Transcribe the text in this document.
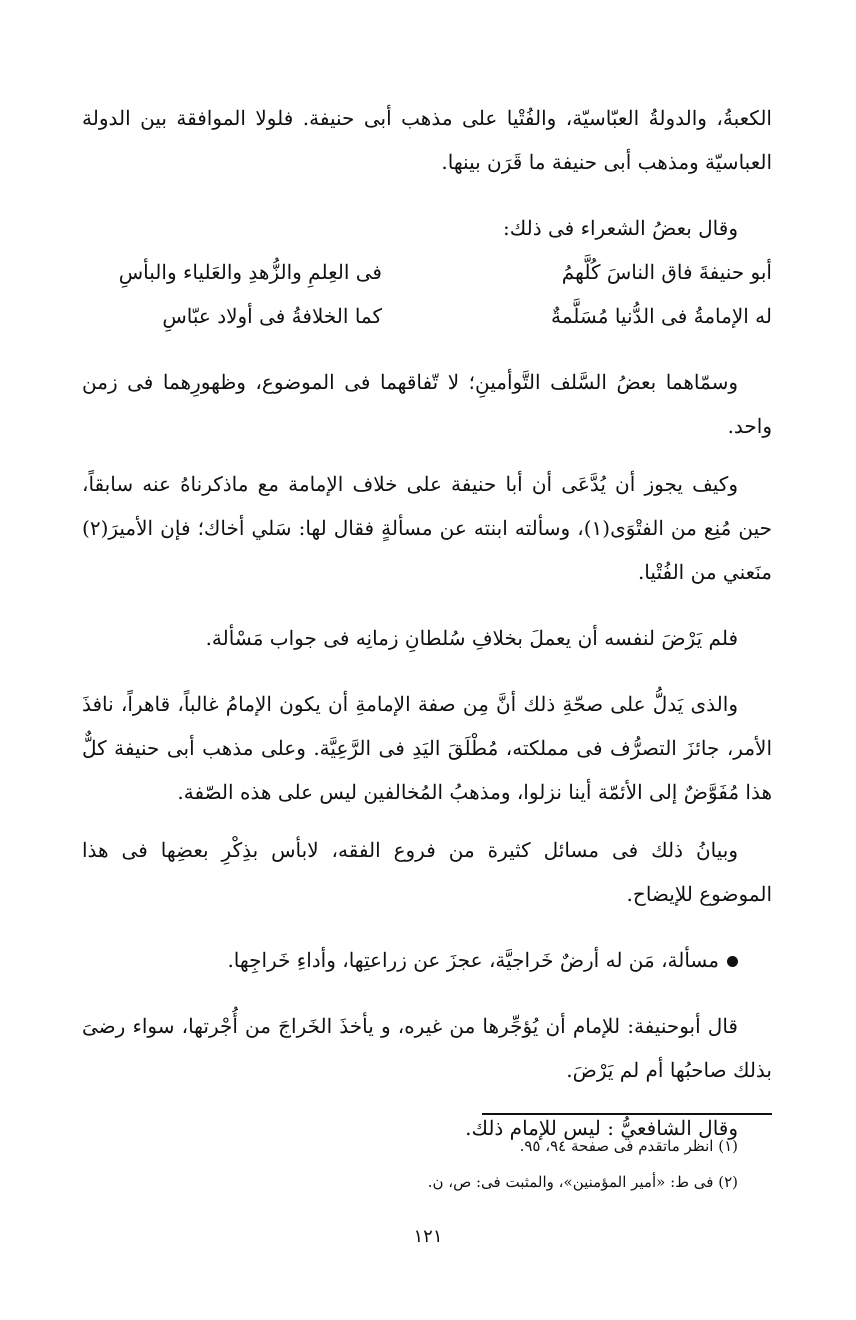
الكعبةُ، والدولةُ العبّاسيّة، والفُتْيا على مذهب أبى حنيفة. فلولا الموافقة بين الدولة العباسيّة ومذهب أبى حنيفة ما قَرَن بينها.

وقال بعضُ الشعراء فى ذلك:

أبو حنيفةَ فاق الناسَ كُلَّهمُ
فى العِلمِ والزُّهدِ والعَلياء والبأسِ
له الإمامةُ فى الدُّنيا مُسَلَّمةٌ
كما الخلافةُ فى أولاد عبّاسِ

وسمّاهما بعضُ السَّلف التَّوأمينِ؛ لا تّفاقهما فى الموضوع، وظهورِهما فى زمن واحد.

وكيف يجوز أن يُدَّعَى أن أبا حنيفة على خلاف الإمامة مع ماذكرناهُ عنه سابقاً، حين مُنِع من الفتْوَى(١)، وسألته ابنته عن مسألةٍ فقال لها: سَلي أخاك؛ فإن الأميرَ(٢) منَعني من الفُتْيا.

فلم يَرْضَ لنفسه أن يعملَ بخلافِ سُلطانِ زمانِه فى جواب مَسْألة.

والذى يَدلُّ على صحّةِ ذلك أنَّ مِن صفة الإمامةِ أن يكون الإمامُ غالباً، قاهراً، نافذَ الأمر، جائزَ التصرُّف فى مملكته، مُطْلَقَ اليَدِ فى الرَّعِيَّة. وعلى مذهب أبى حنيفة كلٌّ هذا مُفَوَّضٌ إلى الأئمّة أينا نزلوا، ومذهبُ المُخالفين ليس على هذه الصّفة.

وبيانُ ذلك فى مسائل كثيرة من فروع الفقه، لابأس بذِكْرِ بعضِها فى هذا الموضوع للإيضاح.

مسألة، مَن له أرضٌ خَراجيَّة، عجزَ عن زراعتِها، وأداءِ خَراجِها.

قال أبوحنيفة: للإمام أن يُؤجِّرها من غيره، و يأخذَ الخَراجَ من أُجْرتها، سواء رضىَ بذلك صاحبُها أم لم يَرْضَ.

وقال الشافعيُّ : ليس للإمام ذلك.

(١) انظر ماتقدم فى صفحة ٩٤، ٩٥.

(٢) فى ط: «أمير المؤمنين»، والمثبت فى: ص، ن.

١٢١
